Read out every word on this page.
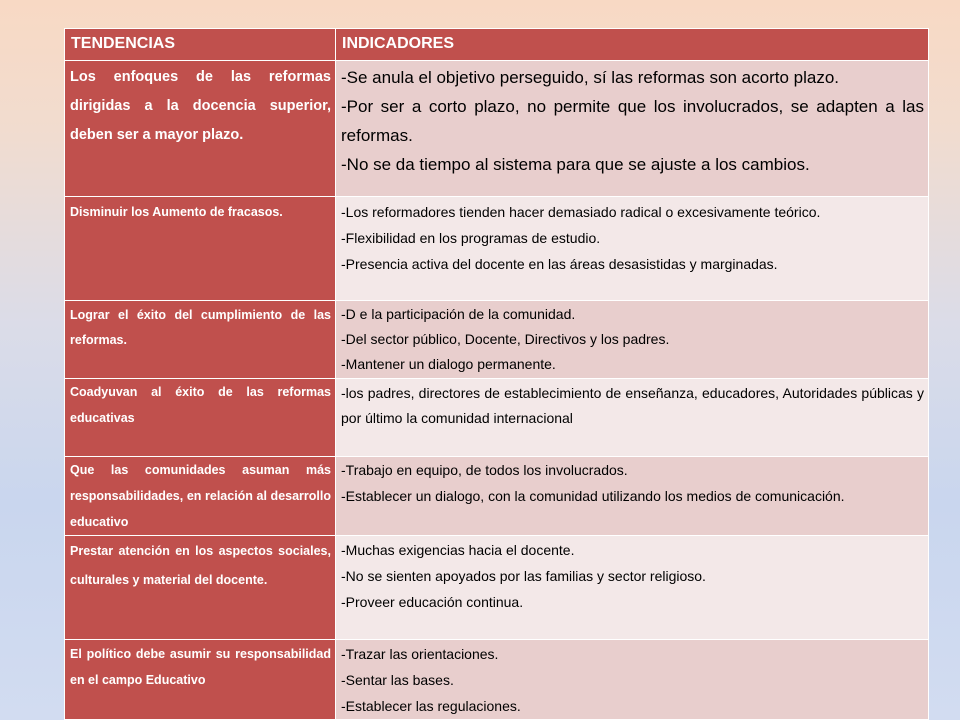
TENDENCIAS	INDICADORES
Los enfoques de las reformas dirigidas a la docencia superior, deben ser a mayor plazo.	-Se anula el objetivo perseguido, sí las reformas son acorto plazo.
-Por ser a corto plazo, no permite que los involucrados, se adapten a las reformas.
-No se da tiempo al sistema para que se ajuste a los cambios.

Disminuir los Aumento de fracasos.	-Los reformadores tienden hacer demasiado radical o excesivamente teórico.
-Flexibilidad en los programas de estudio.
-Presencia activa del docente en las áreas desasistidas y marginadas.

Lograr el éxito del cumplimiento de las reformas.	-D e la participación de la comunidad.
-Del sector público, Docente, Directivos y los padres.
-Mantener un dialogo permanente.

Coadyuvan al éxito de las reformas educativas	-los padres, directores de establecimiento de enseñanza, educadores, Autoridades públicas y por último la comunidad internacional

Que las comunidades asuman más responsabilidades, en relación al desarrollo educativo	-Trabajo en equipo, de todos los involucrados.
-Establecer un dialogo, con la comunidad utilizando los medios de comunicación.

Prestar atención en los aspectos sociales, culturales y material del docente.	-Muchas exigencias hacia el docente.
-No se sienten apoyados por las familias y sector religioso.
-Proveer educación continua.

El político debe asumir su responsabilidad en el campo Educativo	-Trazar las orientaciones.
-Sentar las bases.
-Establecer las regulaciones.
